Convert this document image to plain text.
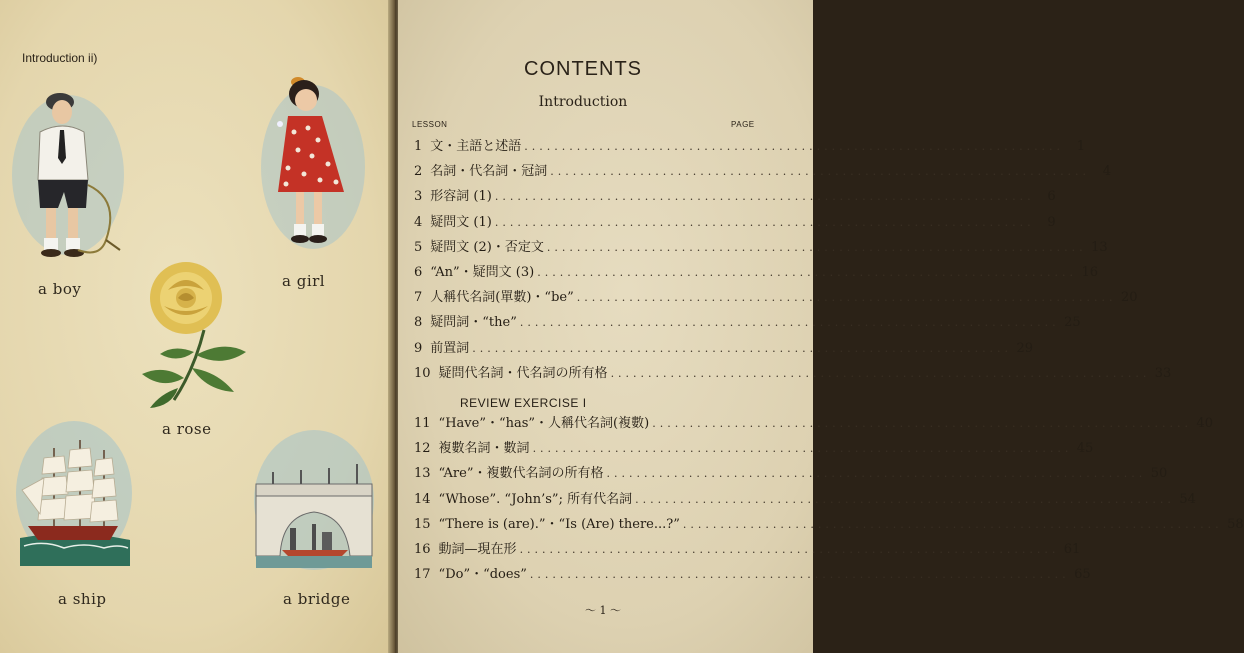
Introduction ii)
a boy	a girl
a rose
a ship	a bridge
CONTENTS
Introduction
LESSON	PAGE
1 文・主語と述語 ........................................................................ 1
2 名詞・代名詞・冠詞 ........................................................................ 4
3 形容詞 (1) ........................................................................ 6
4 疑問文 (1) ........................................................................ 9
5 疑問文 (2)・否定文 ........................................................................ 13
6 “An”・疑問文 (3) ........................................................................ 16
7 人稱代名詞(單數)・“be” ........................................................................ 20
8 疑問詞・“the” ........................................................................ 25
9 前置詞 ........................................................................ 29
10 疑問代名詞・代名詞の所有格 ........................................................................ 33
11 “Have”・“has”・人稱代名詞(複數) ........................................................................ 40
12 複數名詞・數詞 ........................................................................ 45
13 “Are”・複數代名詞の所有格 ........................................................................ 50
14 “Whose”. “John’s”; 所有代名詞 ........................................................................ 54
15 “There is (are).”・“Is (Are) there...?” ........................................................................ 58
16 動詞—現在形 ........................................................................ 61
17 “Do”・“does” ........................................................................ 65
REVIEW EXERCISE I
～ 1 ～
